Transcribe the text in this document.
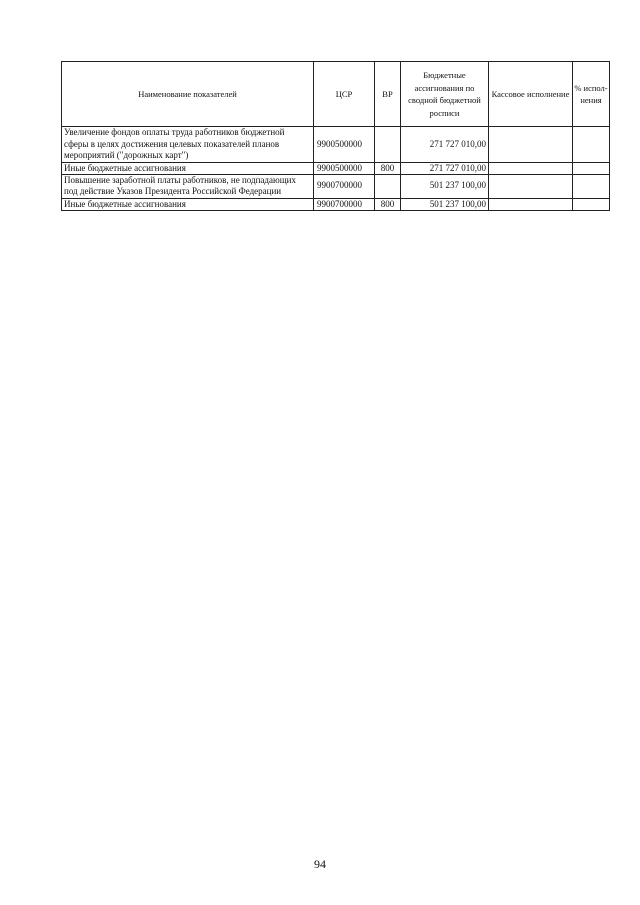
Наименование показателей	ЦСР	ВР	Бюджетные ассигнования по сводной бюджетной росписи	Кассовое исполнение	% испол-нения
Увеличение фондов оплаты труда работников бюджетной сферы в целях достижения целевых показателей планов мероприятий ("дорожных карт")	9900500000		271 727 010,00		
Иные бюджетные ассигнования	9900500000	800	271 727 010,00		
Повышение заработной платы работников, не подпадающих под действие Указов Президента Российской Федерации	9900700000		501 237 100,00		
Иные бюджетные ассигнования	9900700000	800	501 237 100,00		
94
